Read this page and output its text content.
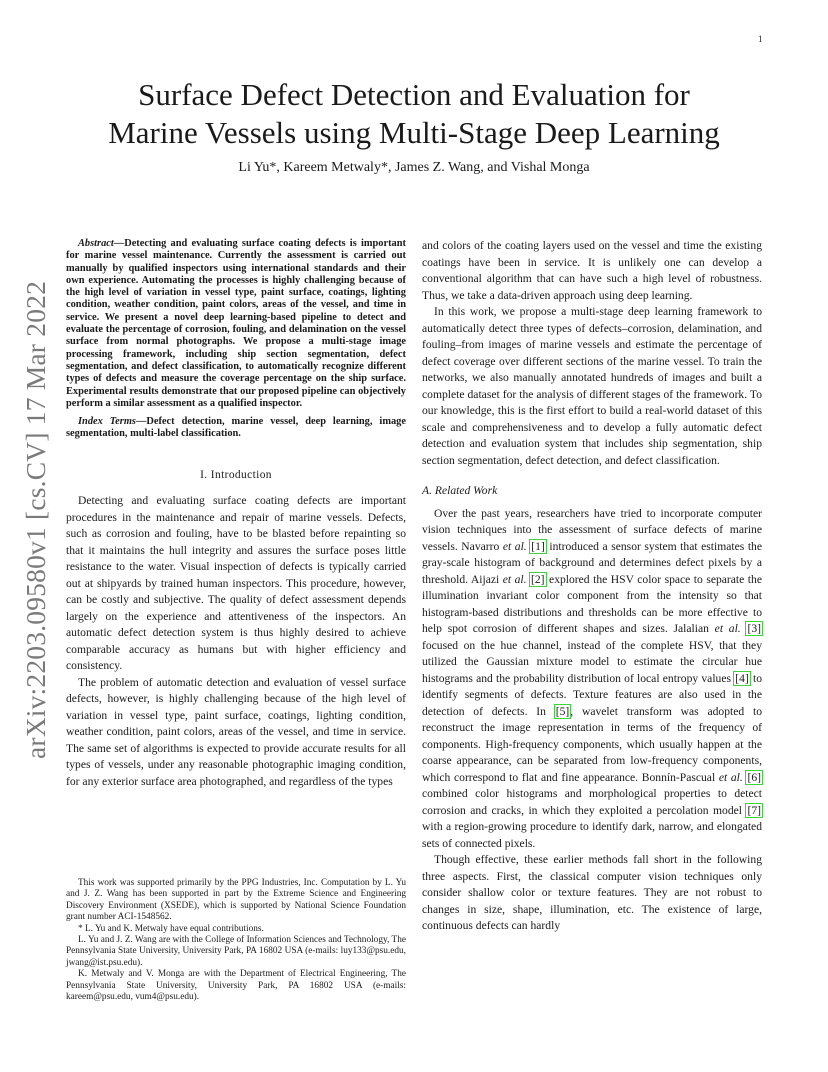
1
arXiv:2203.09580v1 [cs.CV] 17 Mar 2022
Surface Defect Detection and Evaluation for
Marine Vessels using Multi-Stage Deep Learning
Li Yu*, Kareem Metwaly*, James Z. Wang, and Vishal Monga

Abstract—Detecting and evaluating surface coating defects is important for marine vessel maintenance. Currently the assessment is carried out manually by qualified inspectors using international standards and their own experience. Automating the processes is highly challenging because of the high level of variation in vessel type, paint surface, coatings, lighting condition, weather condition, paint colors, areas of the vessel, and time in service. We present a novel deep learning-based pipeline to detect and evaluate the percentage of corrosion, fouling, and delamination on the vessel surface from normal photographs. We propose a multi-stage image processing framework, including ship section segmentation, defect segmentation, and defect classification, to automatically recognize different types of defects and measure the coverage percentage on the ship surface. Experimental results demonstrate that our proposed pipeline can objectively perform a similar assessment as a qualified inspector.

Index Terms—Defect detection, marine vessel, deep learning, image segmentation, multi-label classification.

I. Introduction

Detecting and evaluating surface coating defects are important procedures in the maintenance and repair of marine vessels. Defects, such as corrosion and fouling, have to be blasted before repainting so that it maintains the hull integrity and assures the surface poses little resistance to the water. Visual inspection of defects is typically carried out at shipyards by trained human inspectors. This procedure, however, can be costly and subjective. The quality of defect assessment depends largely on the experience and attentiveness of the inspectors. An automatic defect detection system is thus highly desired to achieve comparable accuracy as humans but with higher efficiency and consistency.

The problem of automatic detection and evaluation of vessel surface defects, however, is highly challenging because of the high level of variation in vessel type, paint surface, coatings, lighting condition, weather condition, paint colors, areas of the vessel, and time in service. The same set of algorithms is expected to provide accurate results for all types of vessels, under any reasonable photographic imaging condition, for any exterior surface area photographed, and regardless of the types

This work was supported primarily by the PPG Industries, Inc. Computation by L. Yu and J. Z. Wang has been supported in part by the Extreme Science and Engineering Discovery Environment (XSEDE), which is supported by National Science Foundation grant number ACI-1548562.

* L. Yu and K. Metwaly have equal contributions.

L. Yu and J. Z. Wang are with the College of Information Sciences and Technology, The Pennsylvania State University, University Park, PA 16802 USA (e-mails: luy133@psu.edu, jwang@ist.psu.edu).

K. Metwaly and V. Monga are with the Department of Electrical Engineering, The Pennsylvania State University, University Park, PA 16802 USA (e-mails: kareem@psu.edu, vum4@psu.edu).

and colors of the coating layers used on the vessel and time the existing coatings have been in service. It is unlikely one can develop a conventional algorithm that can have such a high level of robustness. Thus, we take a data-driven approach using deep learning.

In this work, we propose a multi-stage deep learning framework to automatically detect three types of defects–corrosion, delamination, and fouling–from images of marine vessels and estimate the percentage of defect coverage over different sections of the marine vessel. To train the networks, we also manually annotated hundreds of images and built a complete dataset for the analysis of different stages of the framework. To our knowledge, this is the first effort to build a real-world dataset of this scale and comprehensiveness and to develop a fully automatic defect detection and evaluation system that includes ship segmentation, ship section segmentation, defect detection, and defect classification.

A. Related Work

Over the past years, researchers have tried to incorporate computer vision techniques into the assessment of surface defects of marine vessels. Navarro et al. [1] introduced a sensor system that estimates the gray-scale histogram of background and determines defect pixels by a threshold. Aijazi et al. [2] explored the HSV color space to separate the illumination invariant color component from the intensity so that histogram-based distributions and thresholds can be more effective to help spot corrosion of different shapes and sizes. Jalalian et al. [3] focused on the hue channel, instead of the complete HSV, that they utilized the Gaussian mixture model to estimate the circular hue histograms and the probability distribution of local entropy values [4] to identify segments of defects. Texture features are also used in the detection of defects. In [5], wavelet transform was adopted to reconstruct the image representation in terms of the frequency of components. High-frequency components, which usually happen at the coarse appearance, can be separated from low-frequency components, which correspond to flat and fine appearance. Bonnín-Pascual et al. [6] combined color histograms and morphological properties to detect corrosion and cracks, in which they exploited a percolation model [7] with a region-growing procedure to identify dark, narrow, and elongated sets of connected pixels.

Though effective, these earlier methods fall short in the following three aspects. First, the classical computer vision techniques only consider shallow color or texture features. They are not robust to changes in size, shape, illumination, etc. The existence of large, continuous defects can hardly
